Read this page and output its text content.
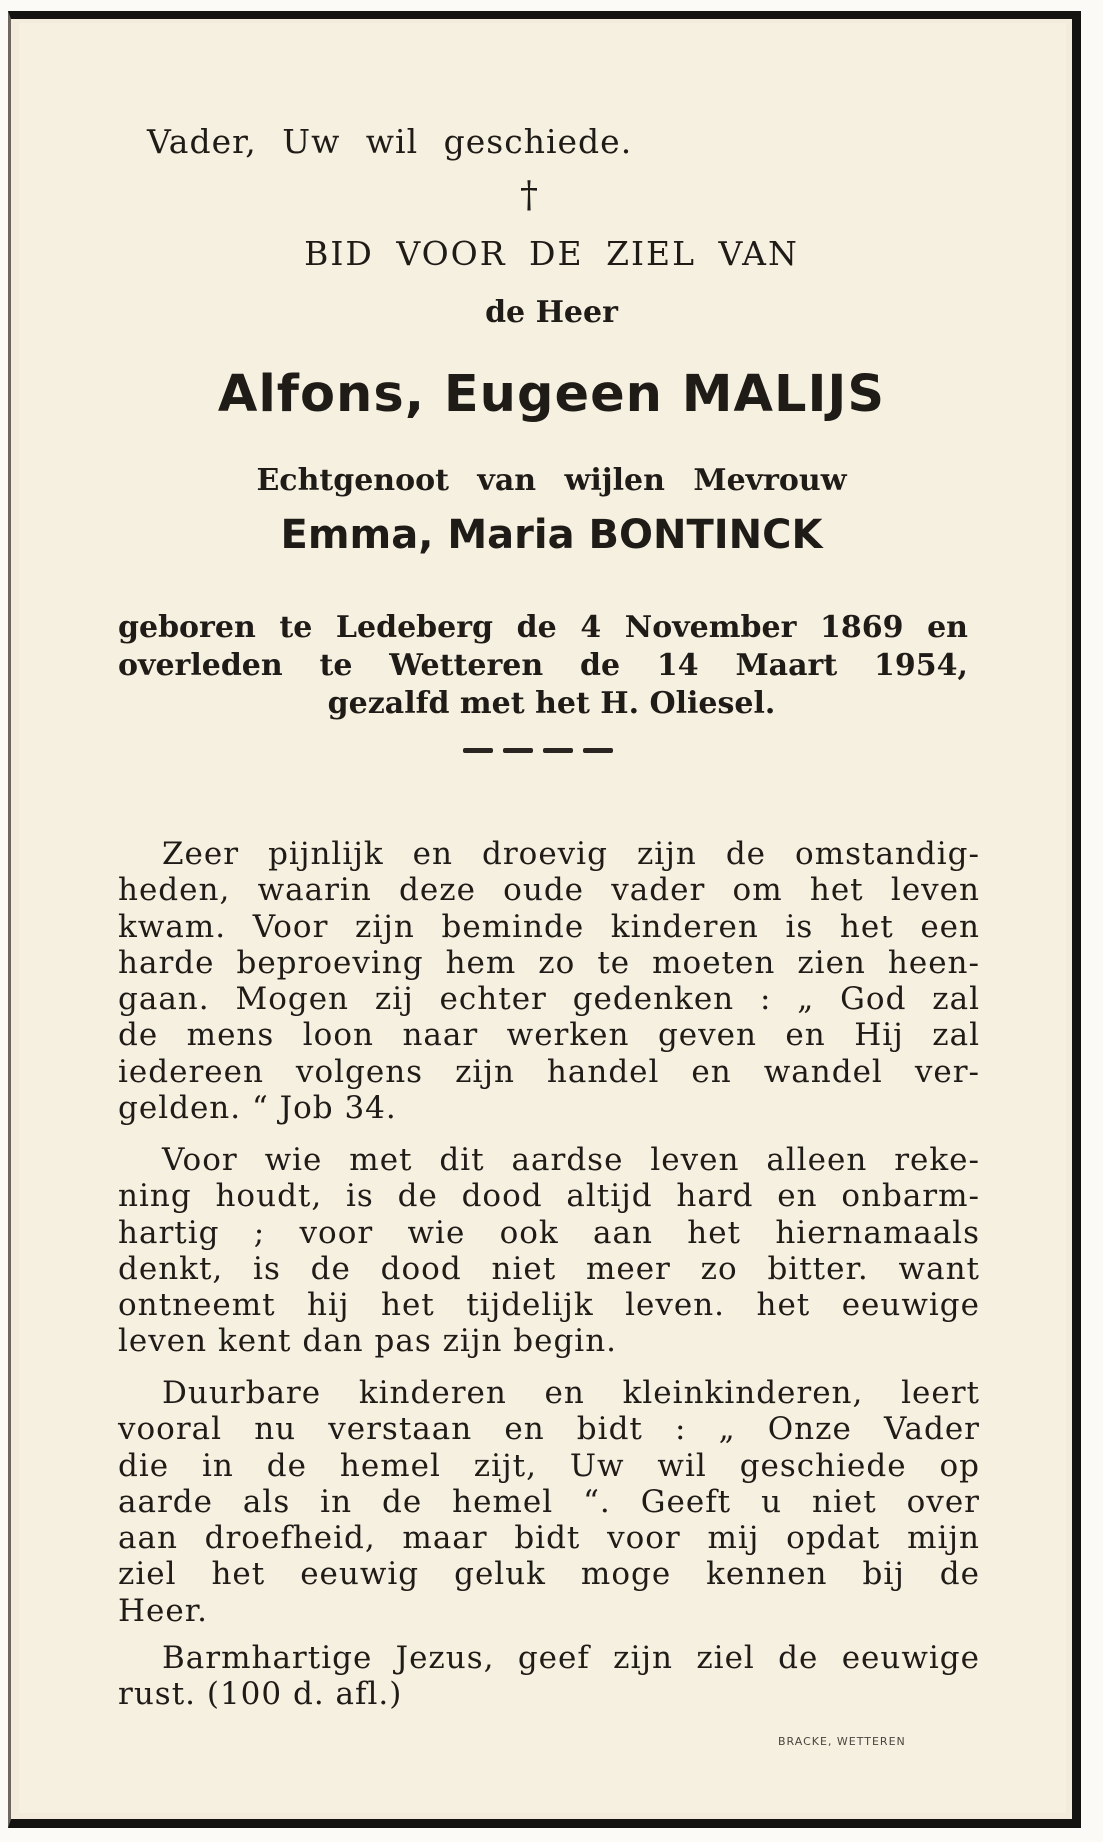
Vader, Uw wil geschiede.
†
BID VOOR DE ZIEL VAN
de Heer
Alfons, Eugeen MALIJS
Echtgenoot van wijlen Mevrouw
Emma, Maria BONTINCK
geboren te Ledeberg de 4 November 1869 en
overleden te Wetteren de 14 Maart 1954,
gezalfd met het H. Oliesel.
Zeer pijnlijk en droevig zijn de omstandig-
heden, waarin deze oude vader om het leven
kwam. Voor zijn beminde kinderen is het een
harde beproeving hem zo te moeten zien heen-
gaan. Mogen zij echter gedenken : „ God zal
de mens loon naar werken geven en Hij zal
iedereen volgens zijn handel en wandel ver-
gelden. “ Job 34.
Voor wie met dit aardse leven alleen reke-
ning houdt, is de dood altijd hard en onbarm-
hartig ; voor wie ook aan het hiernamaals
denkt, is de dood niet meer zo bitter. want
ontneemt hij het tijdelijk leven. het eeuwige
leven kent dan pas zijn begin.
Duurbare kinderen en kleinkinderen, leert
vooral nu verstaan en bidt : „ Onze Vader
die in de hemel zijt, Uw wil geschiede op
aarde als in de hemel “. Geeft u niet over
aan droefheid, maar bidt voor mij opdat mijn
ziel het eeuwig geluk moge kennen bij de
Heer.
Barmhartige Jezus, geef zijn ziel de eeuwige
rust. (100 d. afl.)
BRACKE, WETTEREN
